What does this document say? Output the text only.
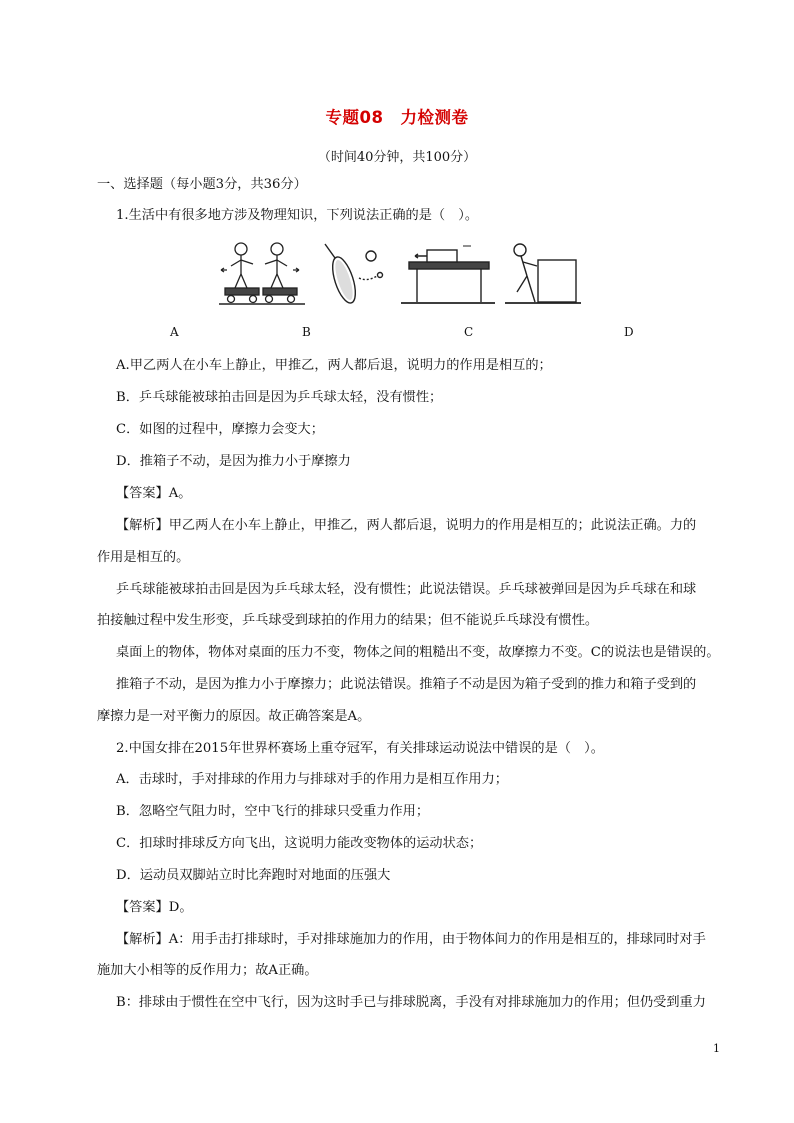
专题08　力检测卷
（时间40分钟，共100分）
一、选择题（每小题3分，共36分）
1.生活中有很多地方涉及物理知识，下列说法正确的是（　）。
A	B	C	D
A.甲乙两人在小车上静止，甲推乙，两人都后退，说明力的作用是相互的；
B．乒乓球能被球拍击回是因为乒乓球太轻，没有惯性；
C．如图的过程中，摩擦力会变大；
D．推箱子不动，是因为推力小于摩擦力
【答案】A。
【解析】甲乙两人在小车上静止，甲推乙，两人都后退，说明力的作用是相互的；此说法正确。力的
作用是相互的。
乒乓球能被球拍击回是因为乒乓球太轻，没有惯性；此说法错误。乒乓球被弹回是因为乒乓球在和球
拍接触过程中发生形变，乒乓球受到球拍的作用力的结果；但不能说乒乓球没有惯性。
桌面上的物体，物体对桌面的压力不变，物体之间的粗糙出不变，故摩擦力不变。C的说法也是错误的。
推箱子不动，是因为推力小于摩擦力；此说法错误。推箱子不动是因为箱子受到的推力和箱子受到的
摩擦力是一对平衡力的原因。故正确答案是A。
2.中国女排在2015年世界杯赛场上重夺冠军，有关排球运动说法中错误的是（　）。
A．击球时，手对排球的作用力与排球对手的作用力是相互作用力；
B．忽略空气阻力时，空中飞行的排球只受重力作用；
C．扣球时排球反方向飞出，这说明力能改变物体的运动状态；
D．运动员双脚站立时比奔跑时对地面的压强大
【答案】D。
【解析】A：用手击打排球时，手对排球施加力的作用，由于物体间力的作用是相互的，排球同时对手
施加大小相等的反作用力；故A正确。
B：排球由于惯性在空中飞行，因为这时手已与排球脱离，手没有对排球施加力的作用；但仍受到重力
1
